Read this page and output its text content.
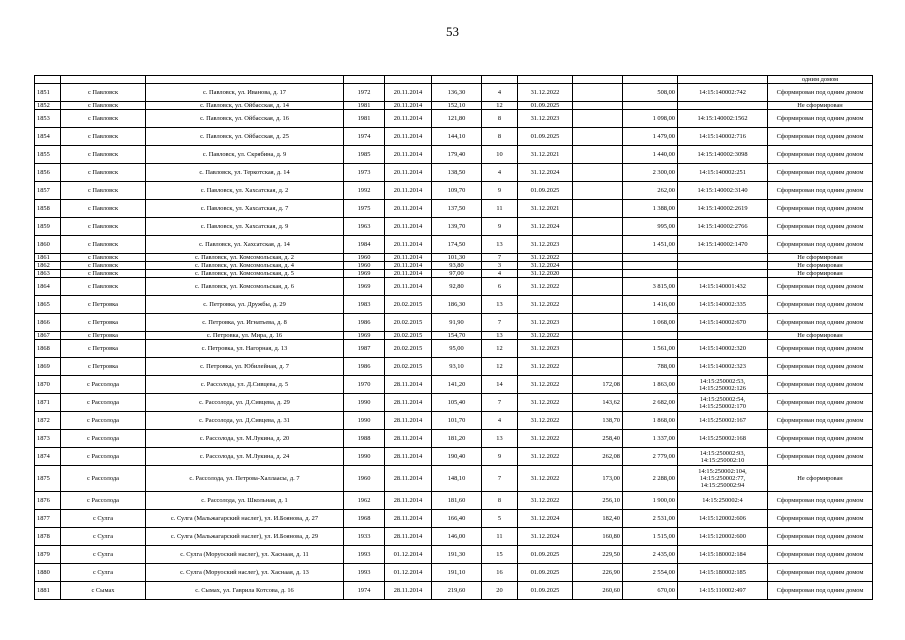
53
											одним домом
1851	с Павловск	с. Павловск, ул. Иванова, д. 17	1972	20.11.2014	136,30	4	31.12.2022		508,00	14:15:140002:742	Сформирован под одним домом
1852	с Павловск	с. Павловск, ул. Ойбасская, д. 14	1981	20.11.2014	152,10	12	01.09.2025				Не сформирован
1853	с Павловск	с. Павловск, ул. Ойбасская, д. 16	1981	20.11.2014	121,80	8	31.12.2023		1 098,00	14:15:140002:1562	Сформирован под одним домом
1854	с Павловск	с. Павловск, ул. Ойбасская, д. 25	1974	20.11.2014	144,10	8	01.09.2025		1 479,00	14:15:140002:716	Сформирован под одним домом
1855	с Павловск	с. Павловск, ул. Скрябина, д. 9	1985	20.11.2014	179,40	10	31.12.2021		1 440,00	14:15:140002:3098	Сформирован под одним домом
1856	с Павловск	с. Павловск, ул. Теркотская, д. 14	1973	20.11.2014	138,50	4	31.12.2024		2 300,00	14:15:140002:251	Сформирован под одним домом
1857	с Павловск	с. Павловск, ул. Хахсатская, д. 2	1992	20.11.2014	109,70	9	01.09.2025		262,00	14:15:140002:3140	Сформирован под одним домом
1858	с Павловск	с. Павловск, ул. Хахсатская, д. 7	1975	20.11.2014	137,50	11	31.12.2021		1 388,00	14:15:140002:2619	Сформирован под одним домом
1859	с Павловск	с. Павловск, ул. Хахсатская, д. 9	1963	20.11.2014	139,70	9	31.12.2024		995,00	14:15:140002:2766	Сформирован под одним домом
1860	с Павловск	с. Павловск, ул. Хахсатская, д. 14	1984	20.11.2014	174,50	13	31.12.2023		1 451,00	14:15:140002:1470	Сформирован под одним домом
1861	с Павловск	с. Павловск, ул. Комсомольская, д. 2	1960	20.11.2014	101,30	7	31.12.2022				Не сформирован
1862	с Павловск	с. Павловск, ул. Комсомольская, д. 4	1960	20.11.2014	93,80	3	31.12.2024				Не сформирован
1863	с Павловск	с. Павловск, ул. Комсомольская, д. 5	1969	20.11.2014	97,00	4	31.12.2020				Не сформирован
1864	с Павловск	с. Павловск, ул. Комсомольская, д. 6	1969	20.11.2014	92,80	6	31.12.2022		3 815,00	14:15:140001:432	Сформирован под одним домом
1865	с Петровка	с. Петровка, ул. Дружбы, д. 29	1983	20.02.2015	186,30	13	31.12.2022		1 416,00	14:15:140002:335	Сформирован под одним домом
1866	с Петровка	с. Петровка, ул. Игнатьева, д. 8	1986	20.02.2015	91,90	7	31.12.2023		1 068,00	14:15:140002:670	Сформирован под одним домом
1867	с Петровка	с. Петровка, ул. Мира, д. 16	1969	20.02.2015	154,70	13	31.12.2022				Не сформирован
1868	с Петровка	с. Петровка, ул. Нагорная, д. 13	1987	20.02.2015	95,00	12	31.12.2023		1 561,00	14:15:140002:320	Сформирован под одним домом
1869	с Петровка	с. Петровка, ул. Юбилейная, д. 7	1986	20.02.2015	93,10	12	31.12.2022		788,00	14:15:140002:323	Сформирован под одним домом
1870	с Рассолода	с. Рассолода, ул. Д.Сивцева, д. 5	1970	28.11.2014	141,20	14	31.12.2022	172,08	1 863,00	14:15:250002:53, 14:15:250002:126	Сформирован под одним домом
1871	с Рассолода	с. Рассолода, ул. Д.Сивцева, д. 29	1990	28.11.2014	105,40	7	31.12.2022	143,62	2 682,00	14:15:250002:54, 14:15:250002:170	Сформирован под одним домом
1872	с Рассолода	с. Рассолода, ул. Д.Сивцева, д. 31	1990	28.11.2014	101,70	4	31.12.2022	138,70	1 868,00	14:15:250002:167	Сформирован под одним домом
1873	с Рассолода	с. Рассолода, ул. М.Лукина, д. 20	1988	28.11.2014	181,20	13	31.12.2022	258,40	1 337,00	14:15:250002:168	Сформирован под одним домом
1874	с Рассолода	с. Рассолода, ул. М.Лукина, д. 24	1990	28.11.2014	190,40	9	31.12.2022	262,08	2 779,00	14:15:250002:93, 14:15:250002:10	Сформирован под одним домом
1875	с Рассолода	с. Рассолода, ул. Петрова-Халлаасы, д. 7	1960	28.11.2014	148,10	7	31.12.2022	173,00	2 288,00	14:15:250002:104, 14:15:250002:77, 14:15:250002:94	Не сформирован
1876	с Рассолода	с. Рассолода, ул. Школьная, д. 1	1962	28.11.2014	181,60	8	31.12.2022	256,10	1 900,00	14:15:250002:4	Сформирован под одним домом
1877	с Сулга	с. Сулга (Мальжагарский наслег), ул. И.Бояновa, д. 27	1968	28.11.2014	166,40	5	31.12.2024	182,40	2 531,00	14:15:120002:606	Сформирован под одним домом
1878	с Сулга	с. Сулга (Мальжагарский наслег), ул. И.Бояновa, д. 29	1933	28.11.2014	146,00	11	31.12.2024	160,80	1 515,00	14:15:120002:600	Сформирован под одним домом
1879	с Сулга	с. Сулга (Моруоский наслег), ул. Хаснаая, д. 11	1993	01.12.2014	191,30	15	01.09.2025	229,50	2 435,00	14:15:180002:184	Сформирован под одним домом
1880	с Сулга	с. Сулга (Моруоский наслег), ул. Хаснаая, д. 13	1993	01.12.2014	191,10	16	01.09.2025	226,90	2 554,00	14:15:180002:185	Сформирован под одним домом
1881	с Сымах	с. Сымах, ул. Гаврила Котсова, д. 16	1974	28.11.2014	219,60	20	01.09.2025	260,60	670,00	14:15:110002:497	Сформирован под одним домом
